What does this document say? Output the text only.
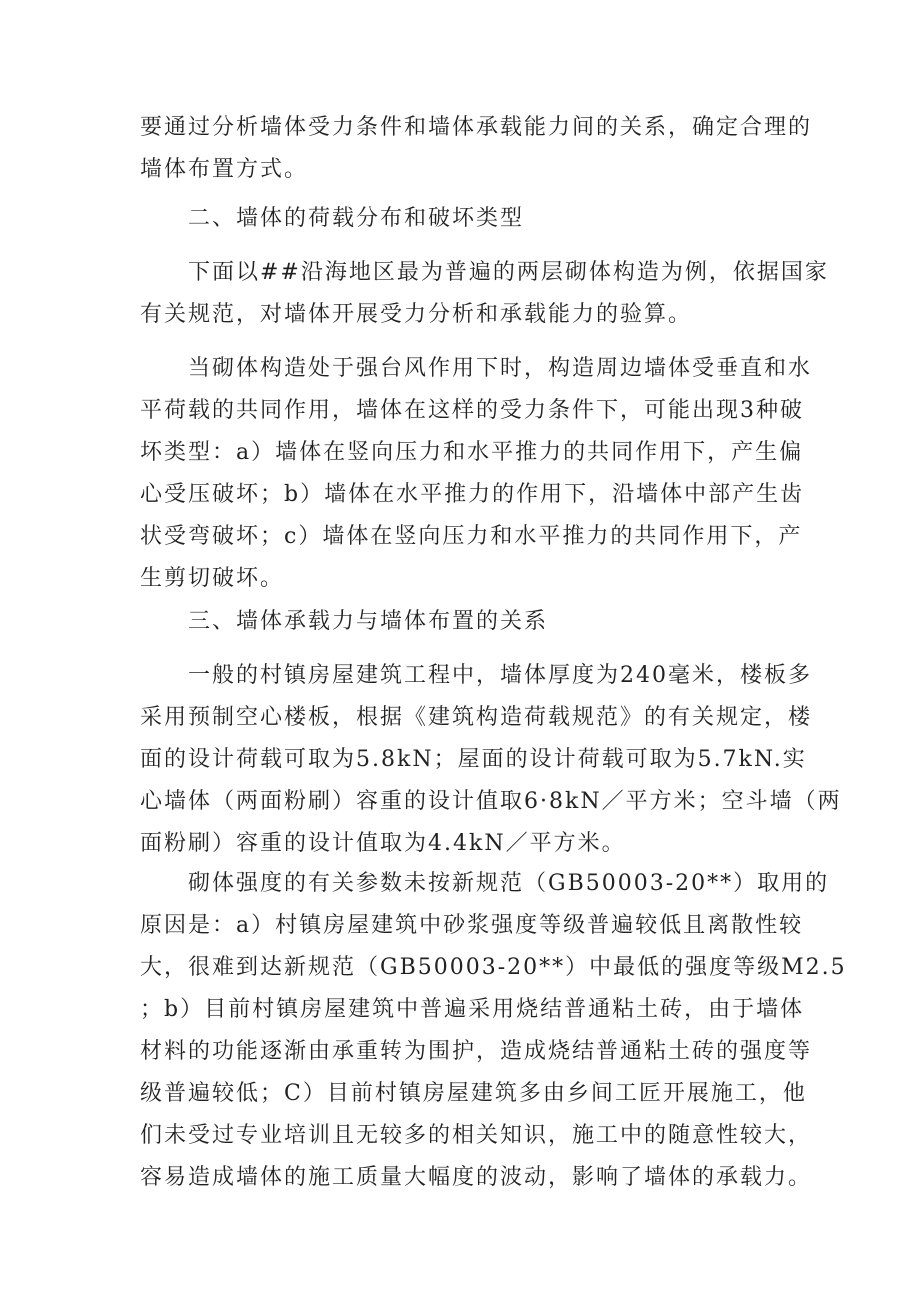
要通过分析墙体受力条件和墙体承载能力间的关系，确定合理的
墙体布置方式。
二、墙体的荷载分布和破坏类型
下面以##沿海地区最为普遍的两层砌体构造为例，依据国家
有关规范，对墙体开展受力分析和承载能力的验算。
当砌体构造处于强台风作用下时，构造周边墙体受垂直和水
平荷载的共同作用，墙体在这样的受力条件下，可能出现3种破
坏类型：a）墙体在竖向压力和水平推力的共同作用下，产生偏
心受压破坏；b）墙体在水平推力的作用下，沿墙体中部产生齿
状受弯破坏；c）墙体在竖向压力和水平推力的共同作用下，产
生剪切破坏。
三、墙体承载力与墙体布置的关系
一般的村镇房屋建筑工程中，墙体厚度为240毫米，楼板多
采用预制空心楼板，根据《建筑构造荷载规范》的有关规定，楼
面的设计荷载可取为5.8kN；屋面的设计荷载可取为5.7kN.实
心墙体（两面粉刷）容重的设计值取6·8kN／平方米；空斗墙（两
面粉刷）容重的设计值取为4.4kN／平方米。
砌体强度的有关参数未按新规范（GB50003-20**）取用的
原因是：a）村镇房屋建筑中砂浆强度等级普遍较低且离散性较
大，很难到达新规范（GB50003-20**）中最低的强度等级M2.5
；b）目前村镇房屋建筑中普遍采用烧结普通粘土砖，由于墙体
材料的功能逐渐由承重转为围护，造成烧结普通粘土砖的强度等
级普遍较低；C）目前村镇房屋建筑多由乡间工匠开展施工，他
们未受过专业培训且无较多的相关知识，施工中的随意性较大，
容易造成墙体的施工质量大幅度的波动，影响了墙体的承载力。
